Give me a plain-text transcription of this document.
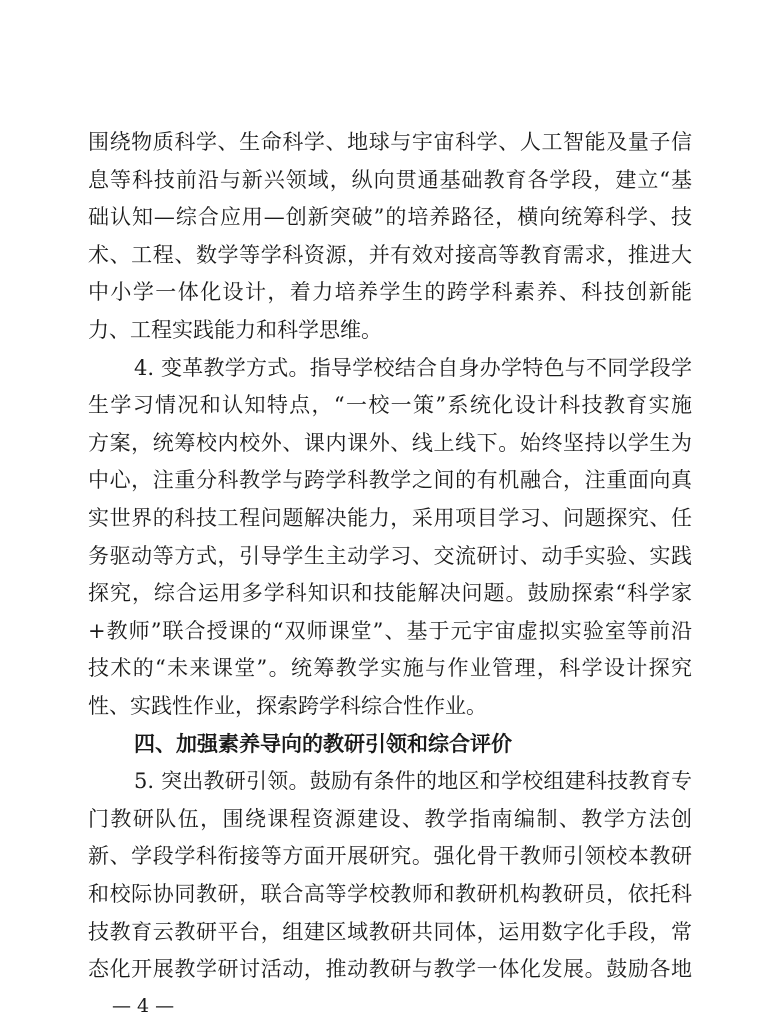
围绕物质科学、生命科学、地球与宇宙科学、人工智能及量子信
息等科技前沿与新兴领域，纵向贯通基础教育各学段，建立“基
础认知—综合应用—创新突破”的培养路径，横向统筹科学、技
术、工程、数学等学科资源，并有效对接高等教育需求，推进大
中小学一体化设计，着力培养学生的跨学科素养、科技创新能
力、工程实践能力和科学思维。
4. 变革教学方式。指导学校结合自身办学特色与不同学段学
生学习情况和认知特点，“一校一策”系统化设计科技教育实施
方案，统筹校内校外、课内课外、线上线下。始终坚持以学生为
中心，注重分科教学与跨学科教学之间的有机融合，注重面向真
实世界的科技工程问题解决能力，采用项目学习、问题探究、任
务驱动等方式，引导学生主动学习、交流研讨、动手实验、实践
探究，综合运用多学科知识和技能解决问题。鼓励探索“科学家
+教师”联合授课的“双师课堂”、基于元宇宙虚拟实验室等前沿
技术的“未来课堂”。统筹教学实施与作业管理，科学设计探究
性、实践性作业，探索跨学科综合性作业。
四、加强素养导向的教研引领和综合评价
5. 突出教研引领。鼓励有条件的地区和学校组建科技教育专
门教研队伍，围绕课程资源建设、教学指南编制、教学方法创
新、学段学科衔接等方面开展研究。强化骨干教师引领校本教研
和校际协同教研，联合高等学校教师和教研机构教研员，依托科
技教育云教研平台，组建区域教研共同体，运用数字化手段，常
态化开展教学研讨活动，推动教研与教学一体化发展。鼓励各地
— 4 —
